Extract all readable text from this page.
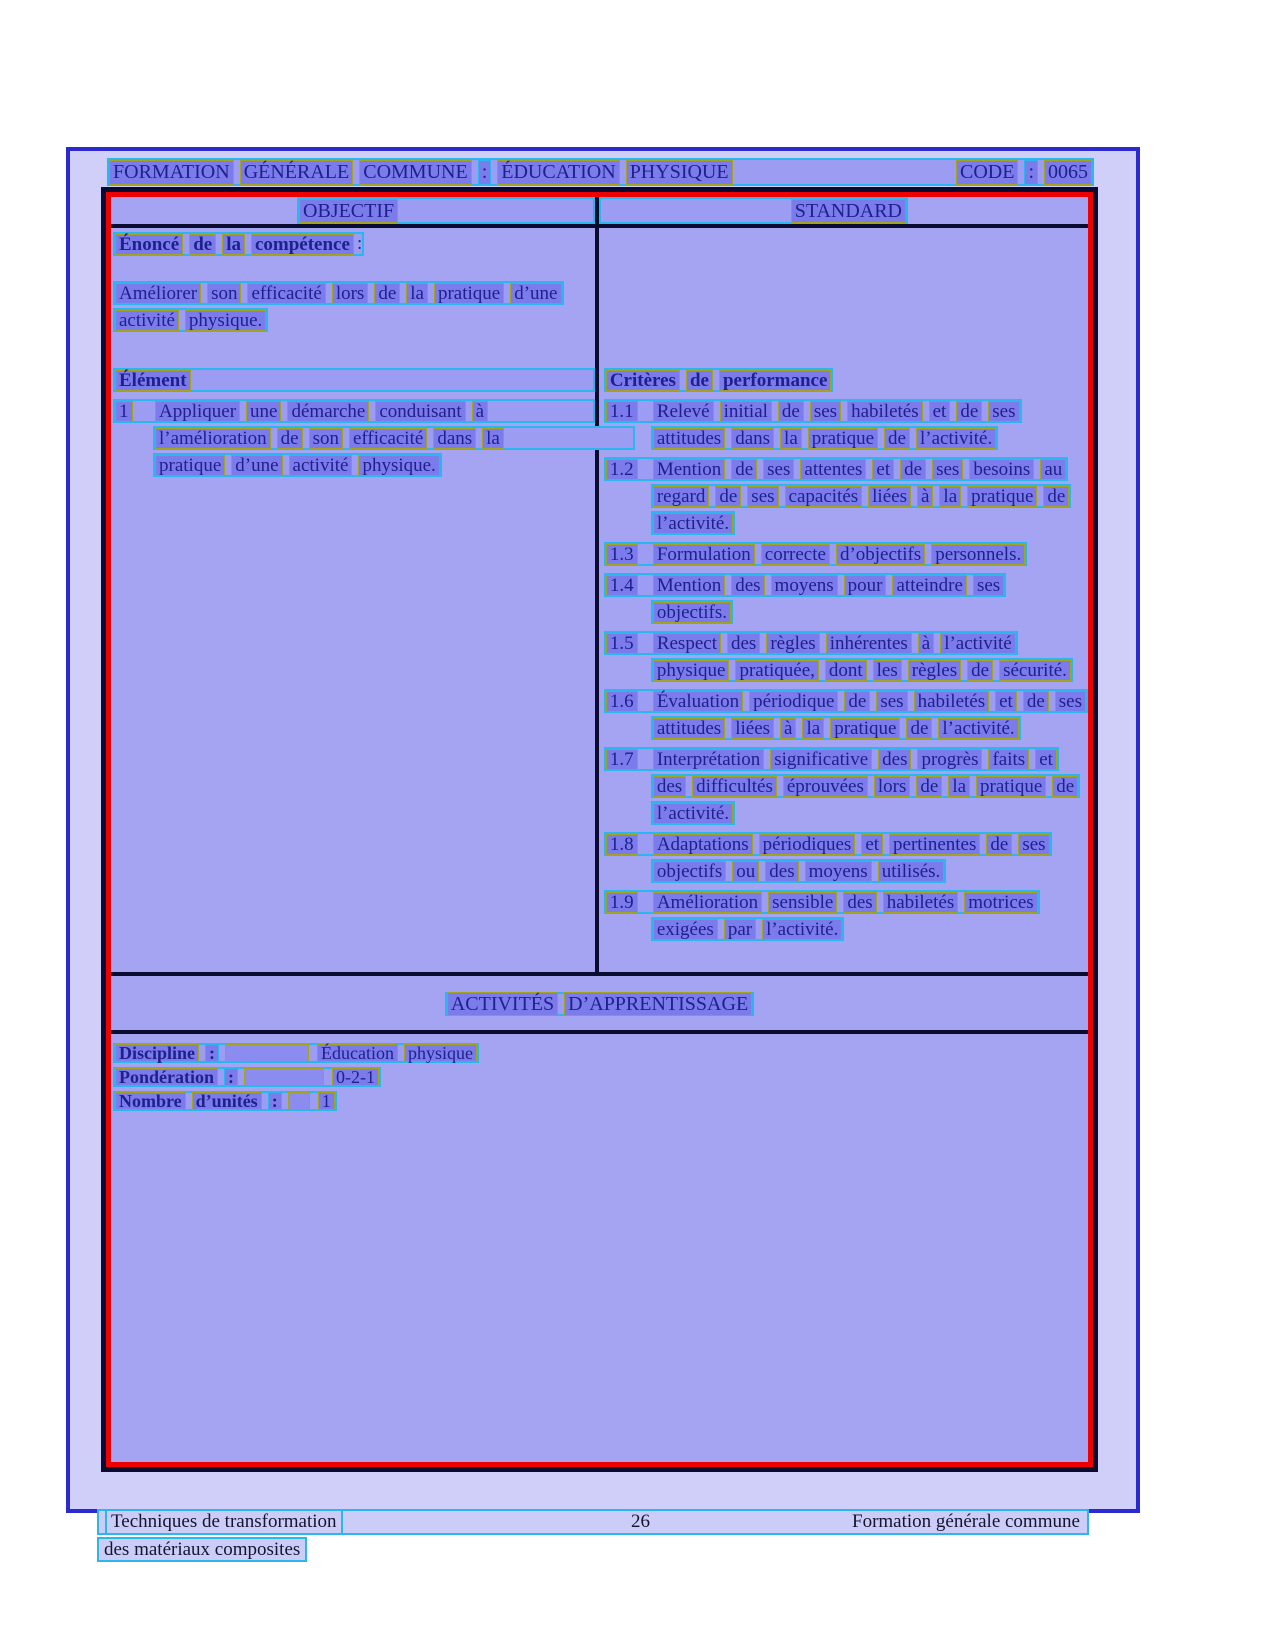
FORMATION GÉNÉRALE COMMUNE : ÉDUCATION PHYSIQUE	CODE : 0065
OBJECTIF	STANDARD
Énoncé de la compétence :
Améliorer son efficacité lors de la pratique d’une
activité physique.
Élément
1 Appliquer une démarche conduisant à
l’amélioration de son efficacité dans la
pratique d’une activité physique.
Critères de performance
1.1 Relevé initial de ses habiletés et de ses
attitudes dans la pratique de l’activité.
1.2 Mention de ses attentes et de ses besoins au
regard de ses capacités liées à la pratique de
l’activité.
1.3 Formulation correcte d’objectifs personnels.
1.4 Mention des moyens pour atteindre ses
objectifs.
1.5 Respect des règles inhérentes à l’activité
physique pratiquée, dont les règles de sécurité.
1.6 Évaluation périodique de ses habiletés et de ses
attitudes liées à la pratique de l’activité.
1.7 Interprétation significative des progrès faits et
des difficultés éprouvées lors de la pratique de
l’activité.
1.8 Adaptations périodiques et pertinentes de ses
objectifs ou des moyens utilisés.
1.9 Amélioration sensible des habiletés motrices
exigées par l’activité.
ACTIVITÉS D’APPRENTISSAGE
Discipline :	Éducation physique
Pondération :	0-2-1
Nombre d’unités : 1
Techniques de transformation	26	Formation générale commune
des matériaux composites
